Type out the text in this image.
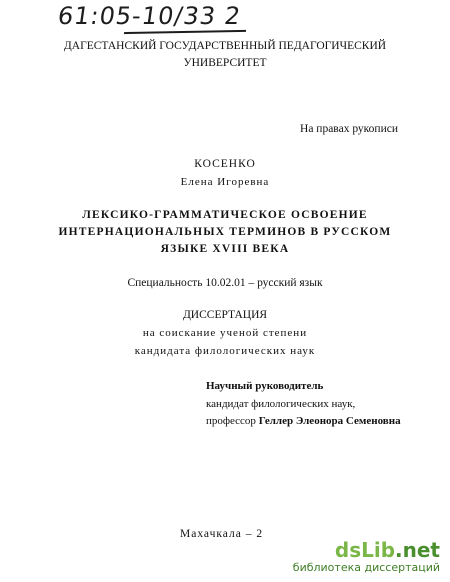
61:05-10/33 2
ДАГЕСТАНСКИЙ ГОСУДАРСТВЕННЫЙ ПЕДАГОГИЧЕСКИЙ
УНИВЕРСИТЕТ
На правах рукописи
КОСЕНКО
Елена Игоревна
ЛЕКСИКО-ГРАММАТИЧЕСКОЕ ОСВОЕНИЕ
ИНТЕРНАЦИОНАЛЬНЫХ ТЕРМИНОВ В РУССКОМ
ЯЗЫКЕ XVIII ВЕКА
Специальность 10.02.01 – русский язык
ДИССЕРТАЦИЯ
на соискание ученой степени
кандидата филологических наук
Научный руководитель
кандидат филологических наук,
профессор Геллер Элеонора Семеновна
Махачкала – 2
dsLib.net
библиотека диссертаций
